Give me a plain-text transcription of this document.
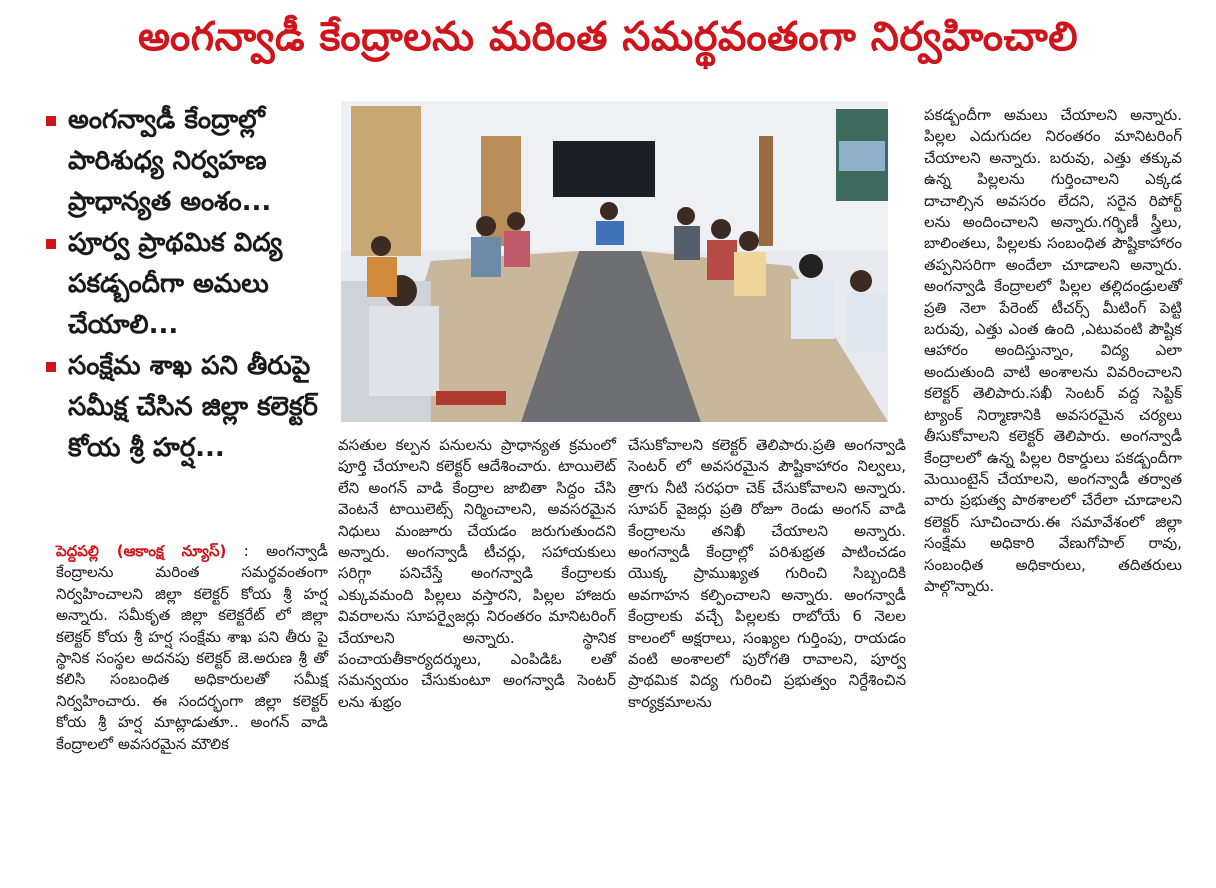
అంగన్వాడీ కేంద్రాలను మరింత సమర్థవంతంగా నిర్వహించాలి
అంగన్వాడీ కేంద్రాల్లో పారిశుధ్య నిర్వహణ ప్రాధాన్యత అంశం...
పూర్వ ప్రాథమిక విద్య పకడ్బందీగా అమలు చేయాలి...
సంక్షేమ శాఖ పని తీరుపై సమీక్ష చేసిన జిల్లా కలెక్టర్ కోయ శ్రీ హర్ష...
పెద్దపల్లి (ఆకాంక్ష న్యూస్) : అంగన్వాడీ కేంద్రాలను మరింత సమర్థవంతంగా నిర్వహించాలని జిల్లా కలెక్టర్ కోయ శ్రీ హర్ష అన్నారు. సమీకృత జిల్లా కలెక్టరేట్ లో జిల్లా కలెక్టర్ కోయ శ్రీ హర్ష సంక్షేమ శాఖ పని తీరు పై స్థానిక సంస్థల అదనపు కలెక్టర్ జె.అరుణ శ్రీ తో కలిసి సంబంధిత అధికారులతో సమీక్ష నిర్వహించారు. ఈ సందర్భంగా జిల్లా కలెక్టర్ కోయ శ్రీ హర్ష మాట్లాడుతూ.. అంగన్ వాడి కేంద్రాలలో అవసరమైన మౌలిక
వసతుల కల్పన పనులను ప్రాధాన్యత క్రమంలో పూర్తి చేయాలని కలెక్టర్ ఆదేశించారు. టాయిలెట్ లేని అంగన్ వాడి కేంద్రాల జాబితా సిద్దం చేసి వెంటనే టాయిలెట్స్ నిర్మించాలని, అవసరమైన నిధులు మంజూరు చేయడం జరుగుతుందని అన్నారు. అంగన్వాడీ టీచర్లు, సహాయకులు సరిగ్గా పనిచేస్తే అంగన్వాడి కేంద్రాలకు ఎక్కువమంది పిల్లలు వస్తారని, పిల్లల హాజరు వివరాలను సూపర్వైజర్లు నిరంతరం మానిటరింగ్ చేయాలని అన్నారు. స్థానిక పంచాయతీకార్యదర్శులు, ఎంపిడిఓ లతో సమన్వయం చేసుకుంటూ అంగన్వాడి సెంటర్ లను శుభ్రం
చేసుకోవాలని కలెక్టర్ తెలిపారు.ప్రతి అంగన్వాడి సెంటర్ లో అవసరమైన పౌష్టికాహారం నిల్వలు, త్రాగు నీటి సరఫరా చెక్ చేసుకోవాలని అన్నారు. సూపర్ వైజర్లు ప్రతి రోజూ రెండు అంగన్ వాడి కేంద్రాలను తనిఖీ చేయాలని అన్నారు. అంగన్వాడీ కేంద్రాల్లో పరిశుభ్రత పాటించడం యొక్క ప్రాముఖ్యత గురించి సిబ్బందికి అవగాహన కల్పించాలని అన్నారు. అంగన్వాడీ కేంద్రాలకు వచ్చే పిల్లలకు రాబోయే 6 నెలల కాలంలో అక్షరాలు, సంఖ్యల గుర్తింపు, రాయడం వంటి అంశాలలో పురోగతి రావాలని, పూర్వ ప్రాథమిక విద్య గురించి ప్రభుత్వం నిర్దేశించిన కార్యక్రమాలను
పకడ్బందీగా అమలు చేయాలని అన్నారు. పిల్లల ఎదుగుదల నిరంతరం మానిటరింగ్ చేయాలని అన్నారు. బరువు, ఎత్తు తక్కువ ఉన్న పిల్లలను గుర్తించాలని ఎక్కడ దాచాల్సిన అవసరం లేదని, సరైన రిపోర్ట్ లను అందించాలని అన్నారు.గర్భిణీ స్త్రీలు, బాలింతలు, పిల్లలకు సంబంధిత పౌష్టికాహారం తప్పనిసరిగా అందేలా చూడాలని అన్నారు. అంగన్వాడి కేంద్రాలలో పిల్లల తల్లిదండ్రులతో ప్రతి నెలా పేరెంట్ టీచర్స్ మీటింగ్ పెట్టి బరువు, ఎత్తు ఎంత ఉంది ,ఎటువంటి పౌష్టిక ఆహారం అందిస్తున్నాం, విద్య ఎలా అందుతుంది వాటి అంశాలను వివరించాలని కలెక్టర్ తెలిపారు.సఖీ సెంటర్ వద్ద సెప్టిక్ ట్యాంక్ నిర్మాణానికి అవసరమైన చర్యలు తీసుకోవాలని కలెక్టర్ తెలిపారు. అంగన్వాడీ కేంద్రాలలో ఉన్న పిల్లల రికార్డులు పకడ్బందీగా మెయింటైన్ చేయాలని, అంగన్వాడీ తర్వాత వారు ప్రభుత్వ పాఠశాలలో చేరేలా చూడాలని కలెక్టర్ సూచించారు.ఈ సమావేశంలో జిల్లా సంక్షేమ అధికారి వేణుగోపాల్ రావు, సంబంధిత అధికారులు, తదితరులు పాల్గొన్నారు.
